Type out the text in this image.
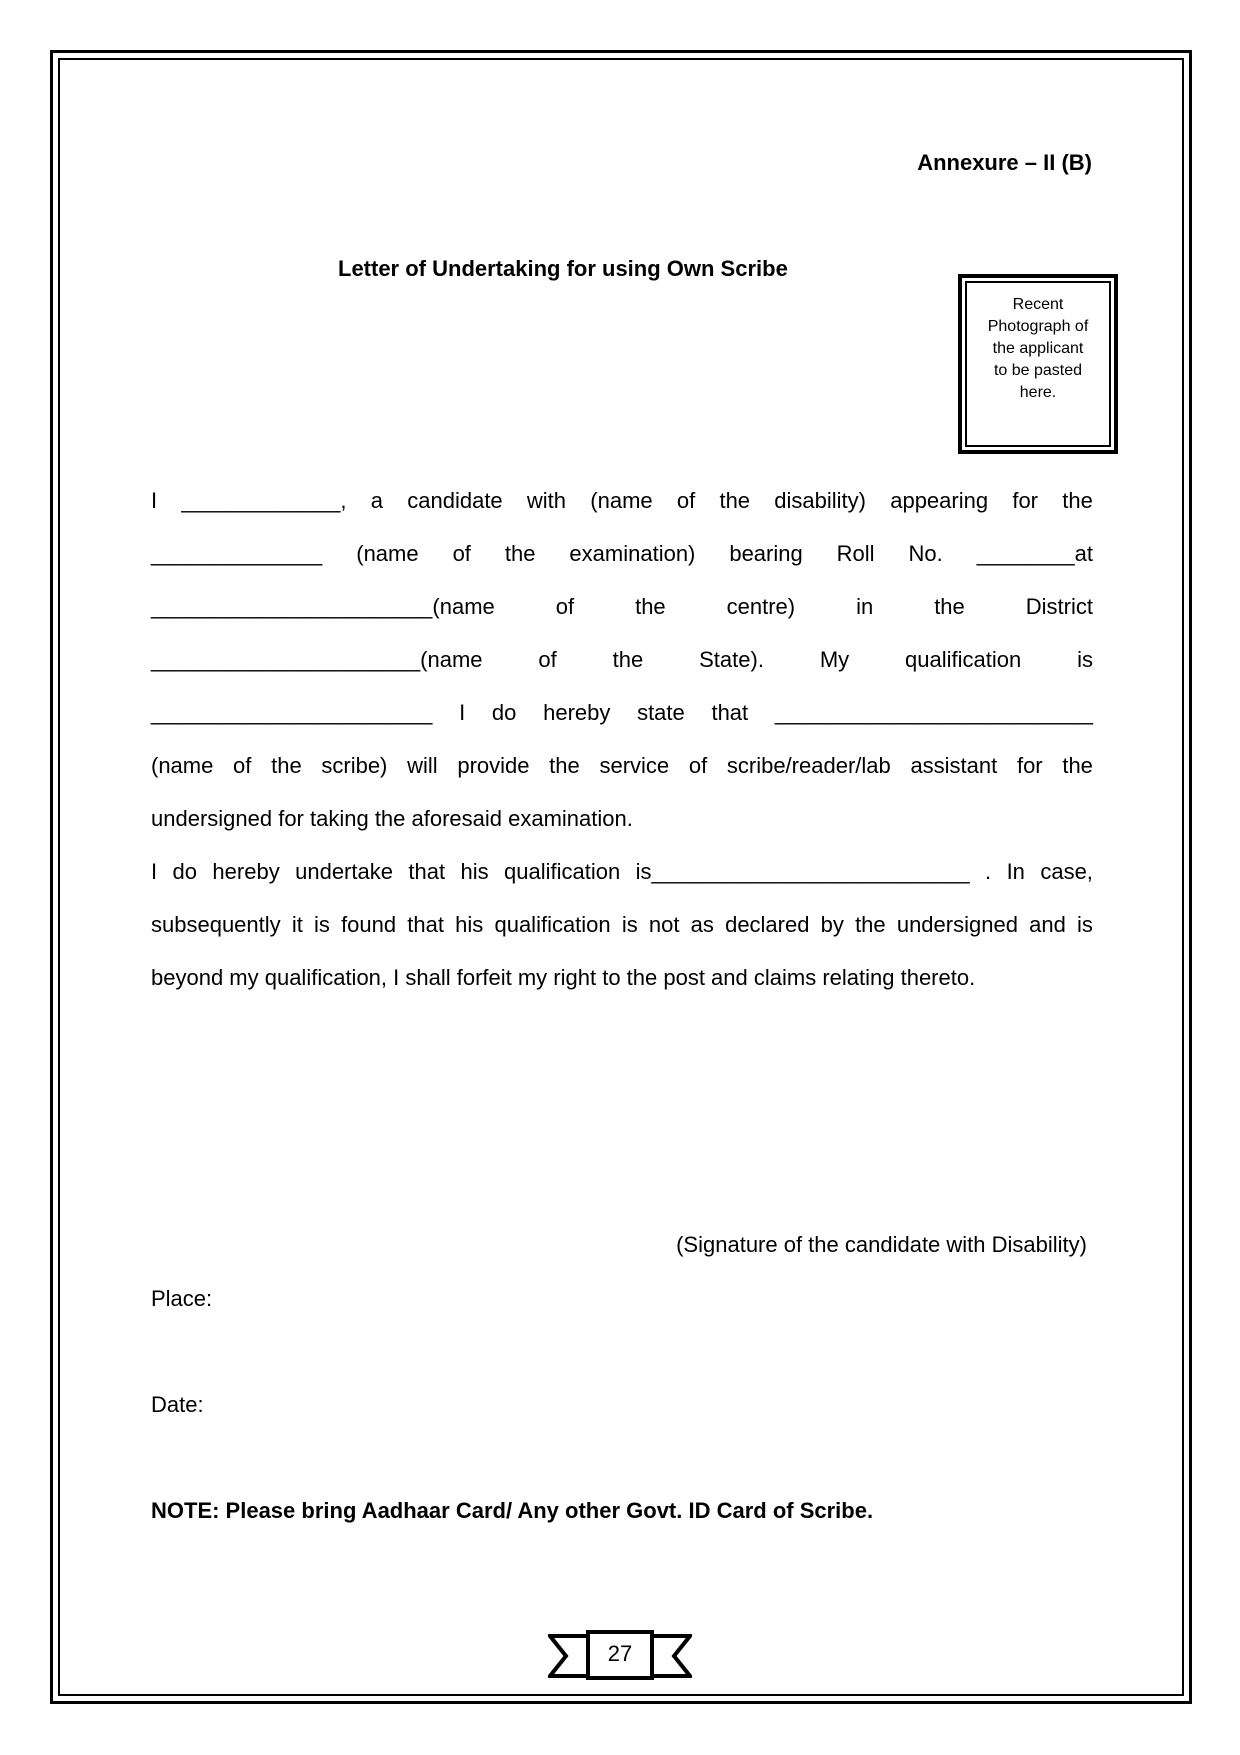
Annexure – II (B)
Letter of Undertaking for using Own Scribe
Recent
Photograph of
the applicant
to be pasted
here.
I _____________, a candidate with (name of the disability) appearing for the
______________ (name of the examination) bearing Roll No. ________at
_______________________(name	of	the	centre)	in	the	District
______________________(name	of	the	State).	My	qualification	is
_______________________ I do hereby state that __________________________
(name of the scribe) will provide the service of scribe/reader/lab assistant for the
undersigned for taking the aforesaid examination.
I do hereby undertake that his qualification is__________________________ . In case,
subsequently it is found that his qualification is not as declared by the undersigned and is
beyond my qualification, I shall forfeit my right to the post and claims relating thereto.
(Signature of the candidate with Disability)
Place:
Date:
NOTE: Please bring Aadhaar Card/ Any other Govt. ID Card of Scribe.
27
